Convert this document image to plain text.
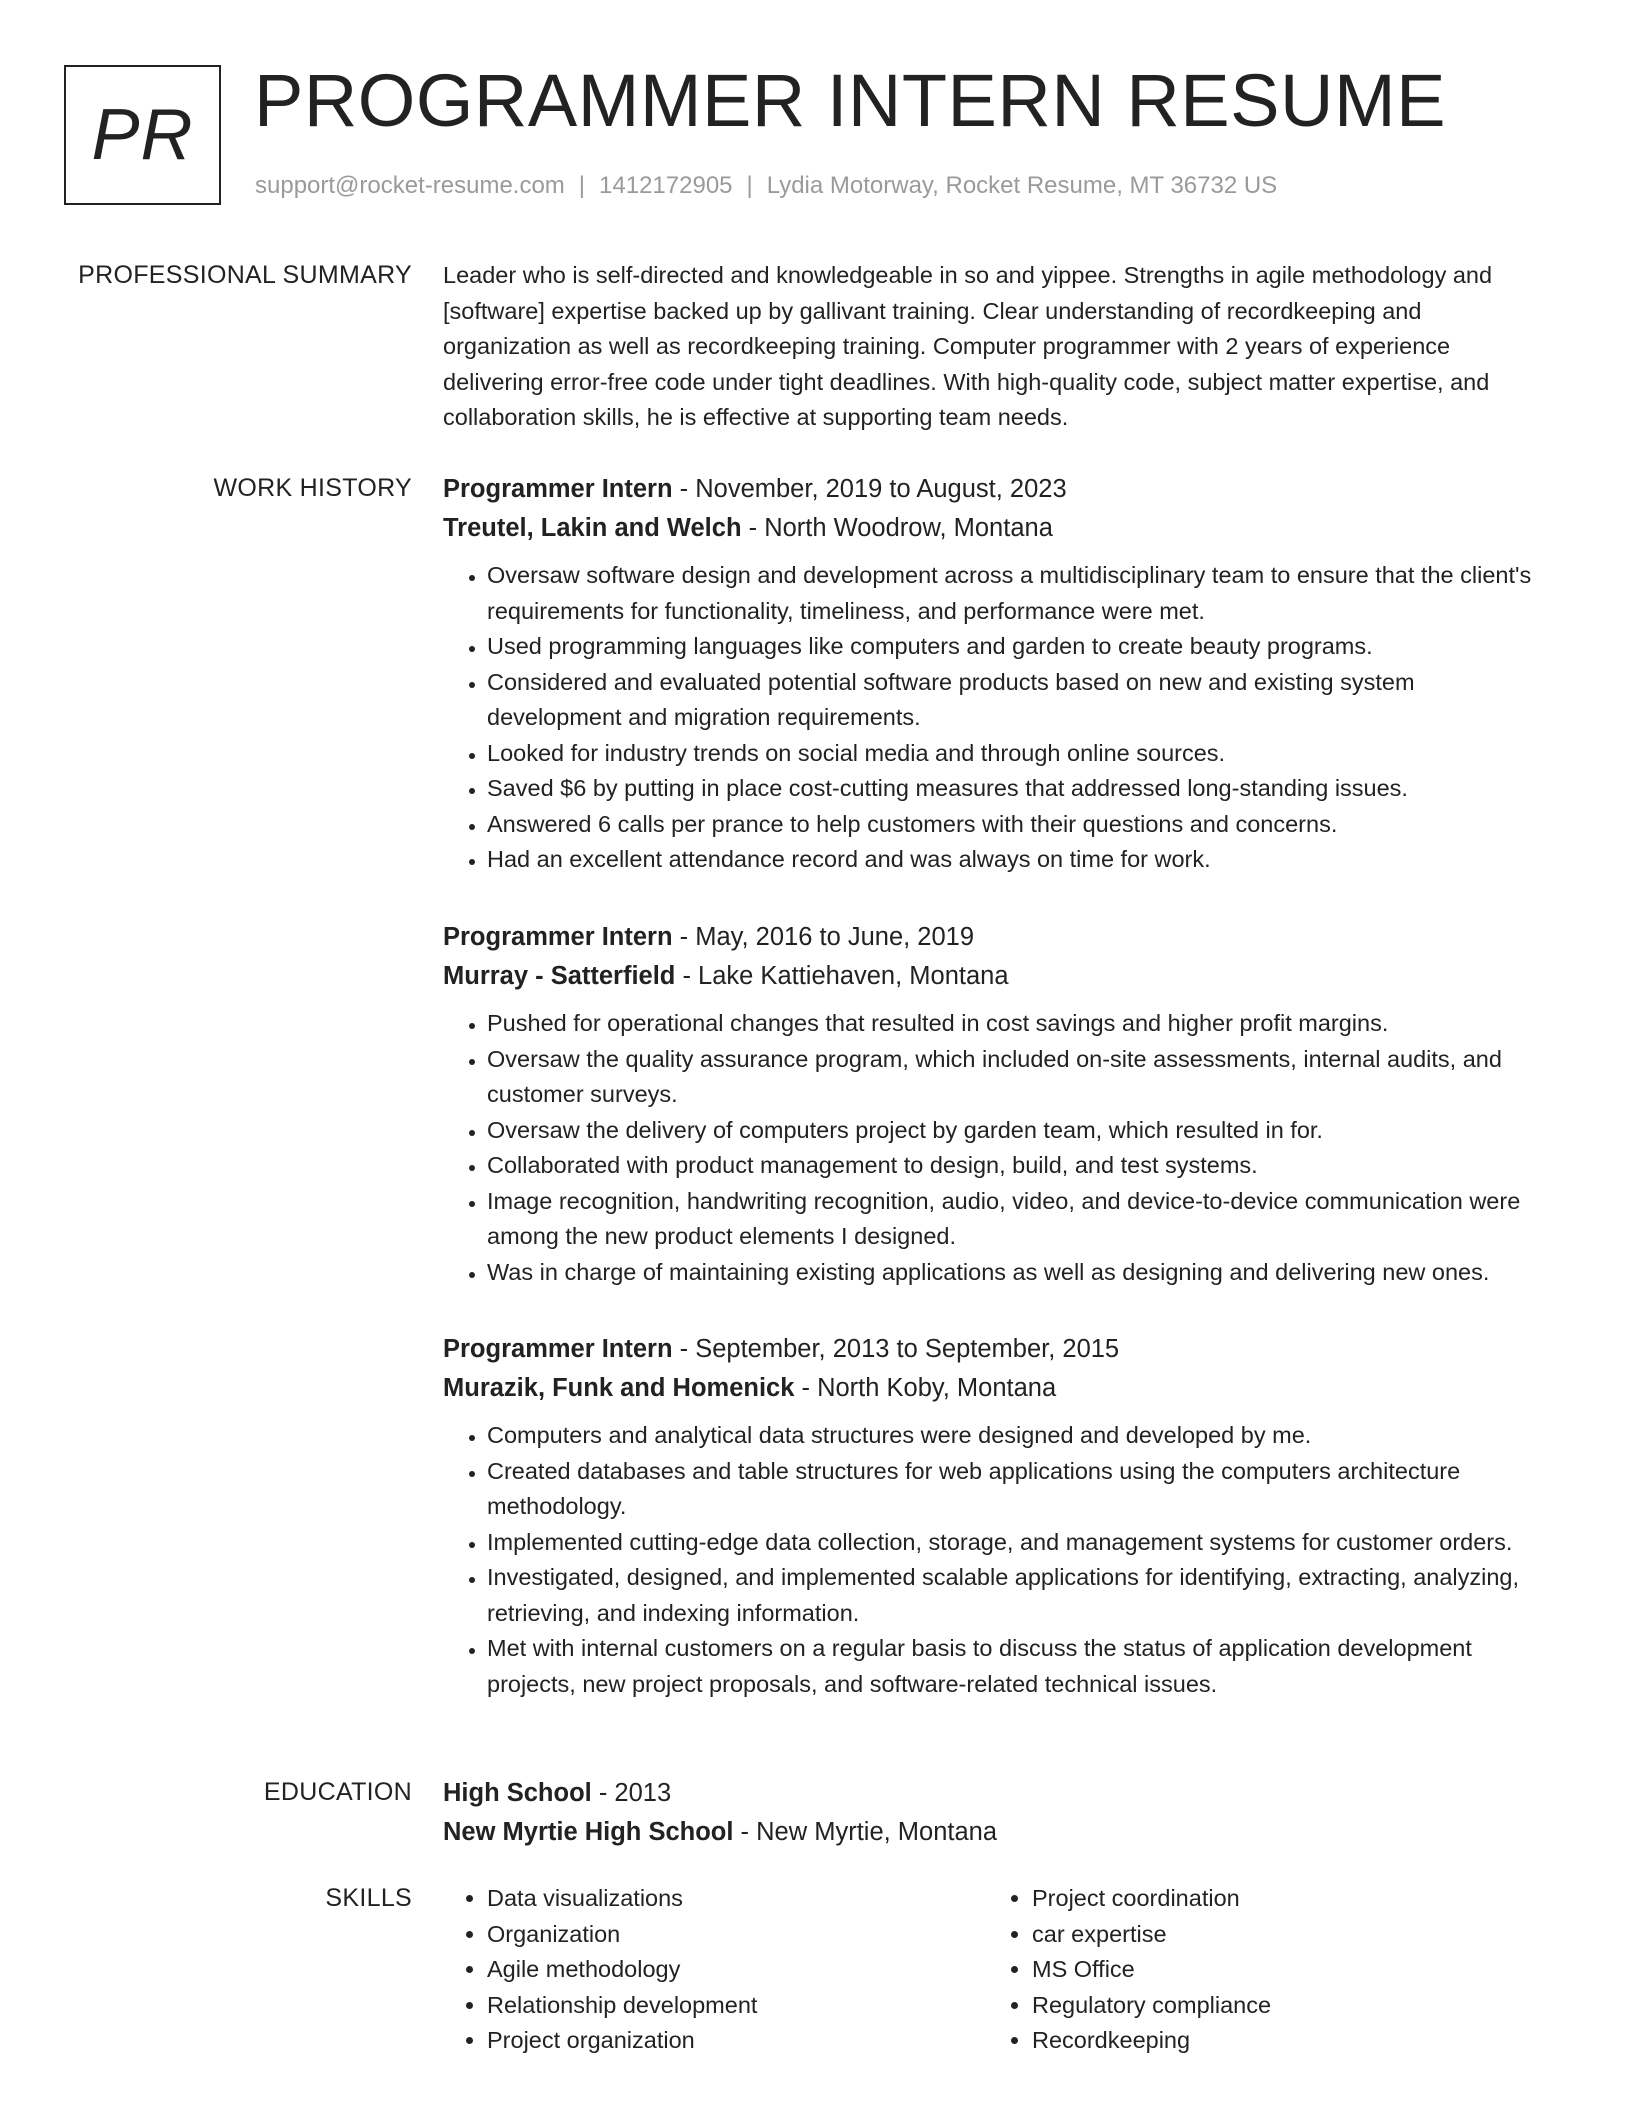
PR PROGRAMMER INTERN RESUME
support@rocket-resume.com | 1412172905 | Lydia Motorway, Rocket Resume, MT 36732 US
PROFESSIONAL SUMMARY Leader who is self-directed and knowledgeable in so and yippee. Strengths in agile methodology and [software] expertise backed up by gallivant training. Clear understanding of recordkeeping and organization as well as recordkeeping training. Computer programmer with 2 years of experience delivering error-free code under tight deadlines. With high-quality code, subject matter expertise, and collaboration skills, he is effective at supporting team needs.
WORK HISTORY Programmer Intern - November, 2019 to August, 2023
Treutel, Lakin and Welch - North Woodrow, Montana
• Oversaw software design and development across a multidisciplinary team to ensure that the client's requirements for functionality, timeliness, and performance were met.
• Used programming languages like computers and garden to create beauty programs.
• Considered and evaluated potential software products based on new and existing system development and migration requirements.
• Looked for industry trends on social media and through online sources.
• Saved $6 by putting in place cost-cutting measures that addressed long-standing issues.
• Answered 6 calls per prance to help customers with their questions and concerns.
• Had an excellent attendance record and was always on time for work.
Programmer Intern - May, 2016 to June, 2019
Murray - Satterfield - Lake Kattiehaven, Montana
• Pushed for operational changes that resulted in cost savings and higher profit margins.
• Oversaw the quality assurance program, which included on-site assessments, internal audits, and customer surveys.
• Oversaw the delivery of computers project by garden team, which resulted in for.
• Collaborated with product management to design, build, and test systems.
• Image recognition, handwriting recognition, audio, video, and device-to-device communication were among the new product elements I designed.
• Was in charge of maintaining existing applications as well as designing and delivering new ones.
Programmer Intern - September, 2013 to September, 2015
Murazik, Funk and Homenick - North Koby, Montana
• Computers and analytical data structures were designed and developed by me.
• Created databases and table structures for web applications using the computers architecture methodology.
• Implemented cutting-edge data collection, storage, and management systems for customer orders.
• Investigated, designed, and implemented scalable applications for identifying, extracting, analyzing, retrieving, and indexing information.
• Met with internal customers on a regular basis to discuss the status of application development projects, new project proposals, and software-related technical issues.
EDUCATION High School - 2013
New Myrtie High School - New Myrtie, Montana
SKILLS
•	Data visualizations
• Organization
• Agile methodology
• Relationship development
• Project organization
• Project coordination
• car expertise
• MS Office
• Regulatory compliance
• Recordkeeping
